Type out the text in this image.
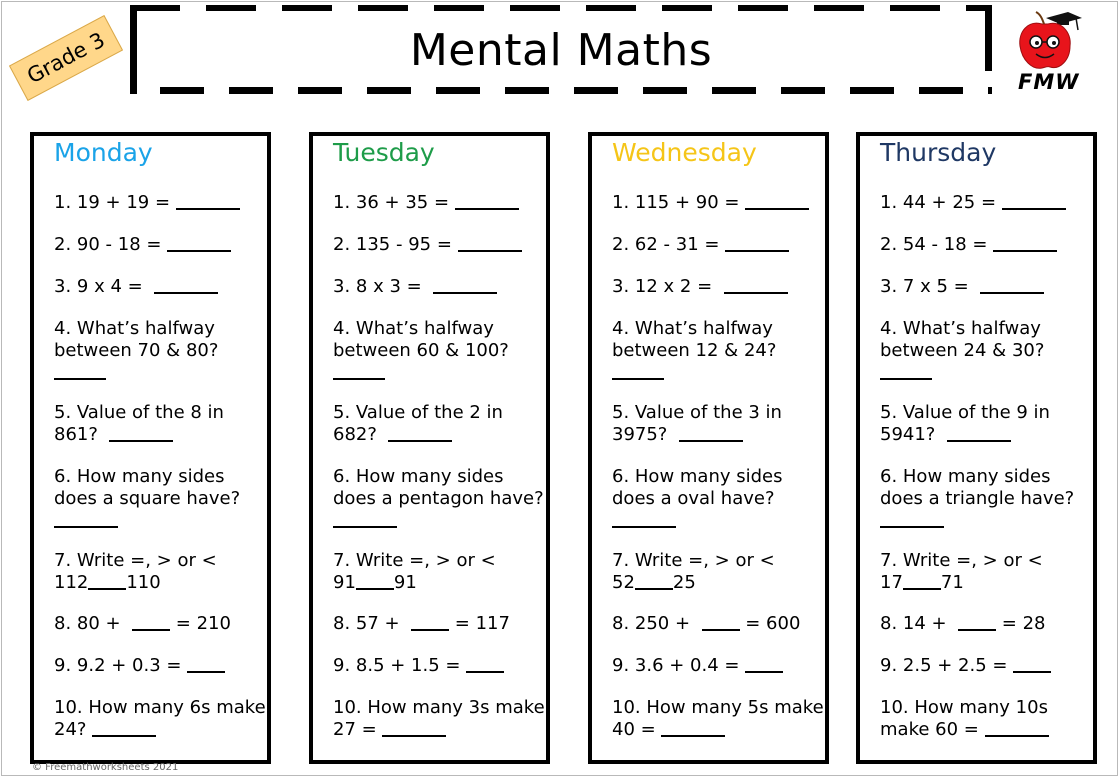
Grade 3	Mental Maths
FMW
Monday
1. 19 + 19 =
2. 90 - 18 =
3. 9 x 4 =
4. What’s halfway
between 70 & 80?

5. Value of the 8 in
861?
6. How many sides
does a square have?

7. Write =, > or <
112 110
8. 80 +	= 210
9. 9.2 + 0.3 =
10. How many 6s make
24?
Tuesday
1. 36 + 35 =
2. 135 - 95 =
3. 8 x 3 =
4. What’s halfway
between 60 & 100?

5. Value of the 2 in
682?
6. How many sides
does a pentagon have?

7. Write =, > or <
91 91
8. 57 +	= 117
9. 8.5 + 1.5 =
10. How many 3s make
27 =
Wednesday
1. 115 + 90 =
2. 62 - 31 =
3. 12 x 2 =
4. What’s halfway
between 12 & 24?

5. Value of the 3 in
3975?
6. How many sides
does a oval have?

7. Write =, > or <
52 25
8. 250 +	= 600
9. 3.6 + 0.4 =
10. How many 5s make
40 =
Thursday
1. 44 + 25 =
2. 54 - 18 =
3. 7 x 5 =
4. What’s halfway
between 24 & 30?

5. Value of the 9 in
5941?
6. How many sides
does a triangle have?

7. Write =, > or <
17 71
8. 14 +	= 28
9. 2.5 + 2.5 =
10. How many 10s
make 60 =
© Freemathworksheets 2021
